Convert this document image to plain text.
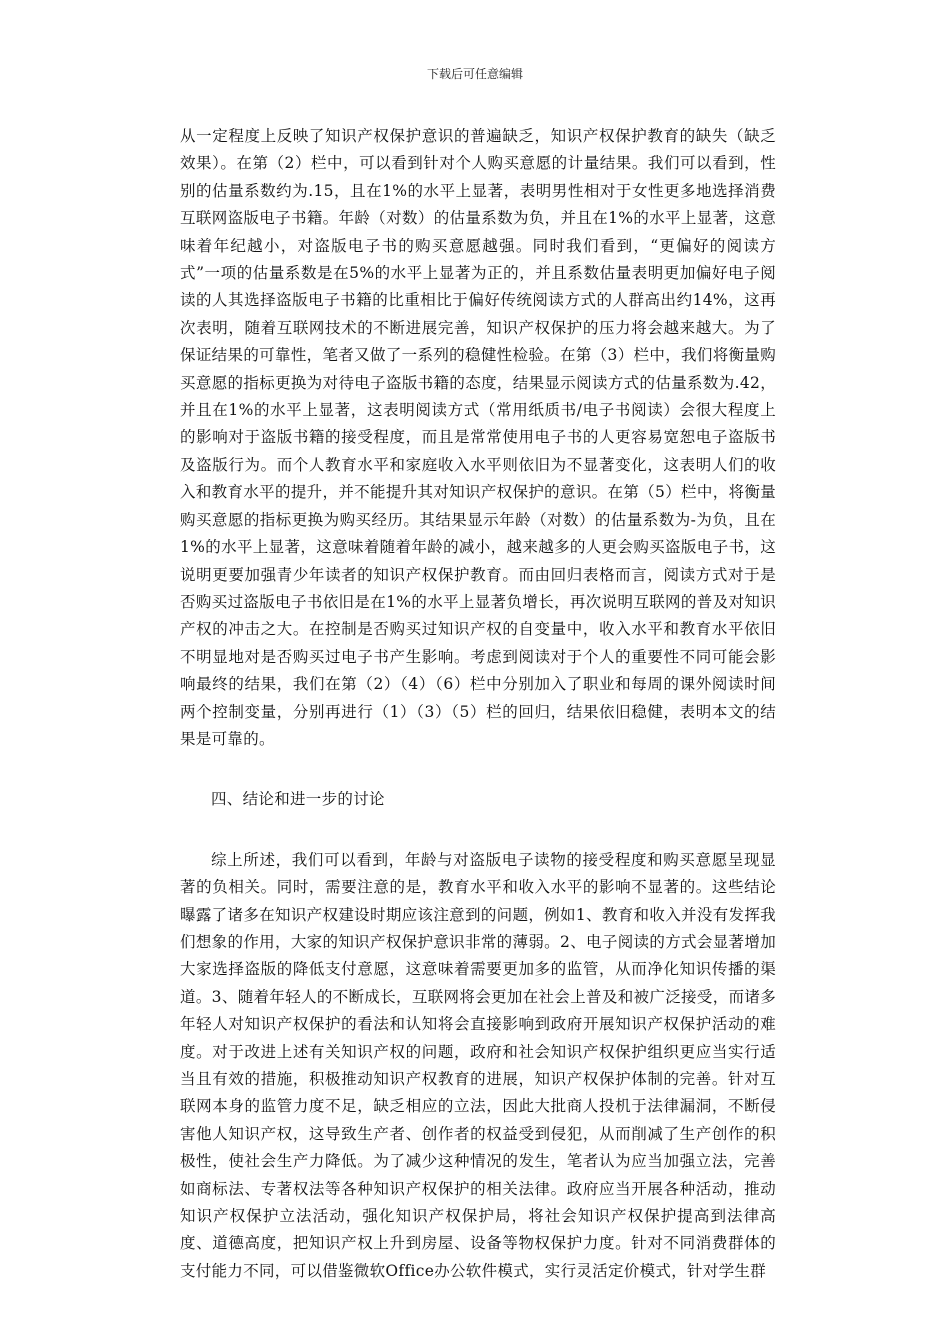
下载后可任意编辑

从一定程度上反映了知识产权保护意识的普遍缺乏，知识产权保护教育的缺失（缺乏效果）。在第（2）栏中，可以看到针对个人购买意愿的计量结果。我们可以看到，性别的估量系数约为.15，且在1%的水平上显著，表明男性相对于女性更多地选择消费互联网盗版电子书籍。年龄（对数）的估量系数为负，并且在1%的水平上显著，这意味着年纪越小，对盗版电子书的购买意愿越强。同时我们看到，“更偏好的阅读方式”一项的估量系数是在5%的水平上显著为正的，并且系数估量表明更加偏好电子阅读的人其选择盗版电子书籍的比重相比于偏好传统阅读方式的人群高出约14%，这再次表明，随着互联网技术的不断进展完善，知识产权保护的压力将会越来越大。为了保证结果的可靠性，笔者又做了一系列的稳健性检验。在第（3）栏中，我们将衡量购买意愿的指标更换为对待电子盗版书籍的态度，结果显示阅读方式的估量系数为.42，并且在1%的水平上显著，这表明阅读方式（常用纸质书/电子书阅读）会很大程度上的影响对于盗版书籍的接受程度，而且是常常使用电子书的人更容易宽恕电子盗版书及盗版行为。而个人教育水平和家庭收入水平则依旧为不显著变化，这表明人们的收入和教育水平的提升，并不能提升其对知识产权保护的意识。在第（5）栏中，将衡量购买意愿的指标更换为购买经历。其结果显示年龄（对数）的估量系数为-为负，且在1%的水平上显著，这意味着随着年龄的减小，越来越多的人更会购买盗版电子书，这说明更要加强青少年读者的知识产权保护教育。而由回归表格而言，阅读方式对于是否购买过盗版电子书依旧是在1%的水平上显著负增长，再次说明互联网的普及对知识产权的冲击之大。在控制是否购买过知识产权的自变量中，收入水平和教育水平依旧不明显地对是否购买过电子书产生影响。考虑到阅读对于个人的重要性不同可能会影响最终的结果，我们在第（2）（4）（6）栏中分别加入了职业和每周的课外阅读时间两个控制变量，分别再进行（1）（3）（5）栏的回归，结果依旧稳健，表明本文的结果是可靠的。

四、结论和进一步的讨论

综上所述，我们可以看到，年龄与对盗版电子读物的接受程度和购买意愿呈现显著的负相关。同时，需要注意的是，教育水平和收入水平的影响不显著的。这些结论曝露了诸多在知识产权建设时期应该注意到的问题，例如1、教育和收入并没有发挥我们想象的作用，大家的知识产权保护意识非常的薄弱。2、电子阅读的方式会显著增加大家选择盗版的降低支付意愿，这意味着需要更加多的监管，从而净化知识传播的渠道。3、随着年轻人的不断成长，互联网将会更加在社会上普及和被广泛接受，而诸多年轻人对知识产权保护的看法和认知将会直接影响到政府开展知识产权保护活动的难度。对于改进上述有关知识产权的问题，政府和社会知识产权保护组织更应当实行适当且有效的措施，积极推动知识产权教育的进展，知识产权保护体制的完善。针对互联网本身的监管力度不足，缺乏相应的立法，因此大批商人投机于法律漏洞，不断侵害他人知识产权，这导致生产者、创作者的权益受到侵犯，从而削减了生产创作的积极性，使社会生产力降低。为了减少这种情况的发生，笔者认为应当加强立法，完善如商标法、专著权法等各种知识产权保护的相关法律。政府应当开展各种活动，推动知识产权保护立法活动，强化知识产权保护局，将社会知识产权保护提高到法律高度、道德高度，把知识产权上升到房屋、设备等物权保护力度。针对不同消费群体的支付能力不同，可以借鉴微软Office办公软件模式，实行灵活定价模式，针对学生群
